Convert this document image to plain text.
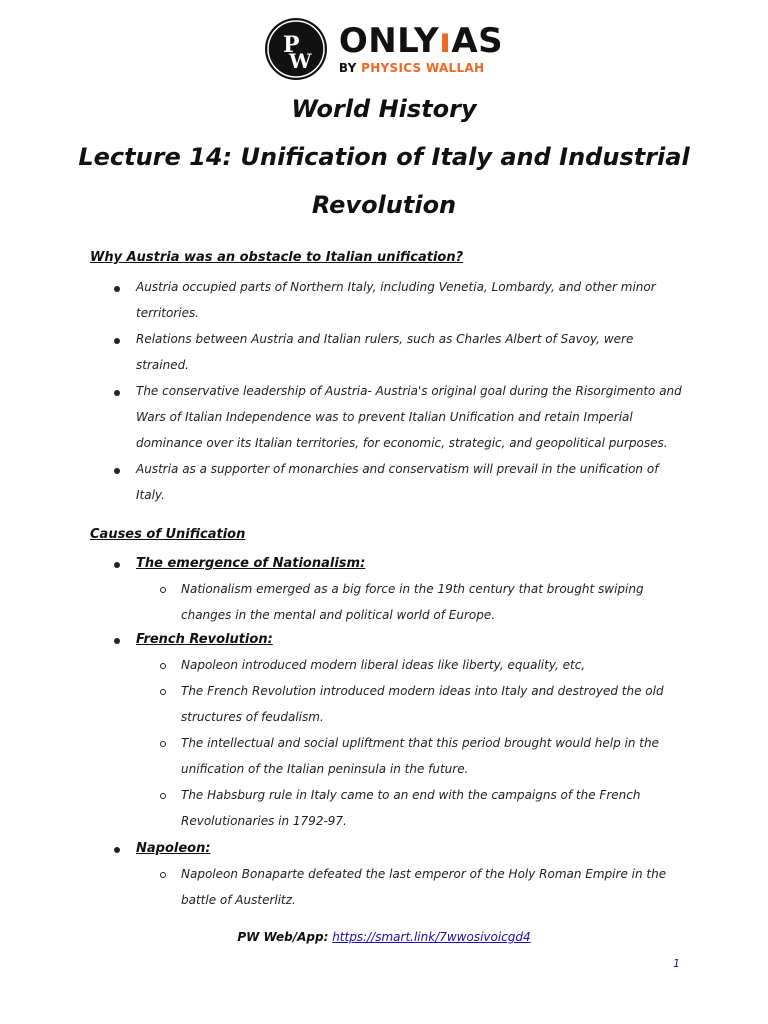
P
W ONLYıAS
BY PHYSICS WALLAH
World History
Lecture 14: Unification of Italy and Industrial
Revolution
Why Austria was an obstacle to Italian unification?
Austria occupied parts of Northern Italy, including Venetia, Lombardy, and other minor
territories.
Relations between Austria and Italian rulers, such as Charles Albert of Savoy, were
strained.
The conservative leadership of Austria- Austria's original goal during the Risorgimento and
Wars of Italian Independence was to prevent Italian Unification and retain Imperial
dominance over its Italian territories, for economic, strategic, and geopolitical purposes.
Austria as a supporter of monarchies and conservatism will prevail in the unification of
Italy.
Causes of Unification
The emergence of Nationalism:
Nationalism emerged as a big force in the 19th century that brought swiping
changes in the mental and political world of Europe.
French Revolution:
Napoleon introduced modern liberal ideas like liberty, equality, etc,
The French Revolution introduced modern ideas into Italy and destroyed the old
structures of feudalism.
The intellectual and social upliftment that this period brought would help in the
unification of the Italian peninsula in the future.
The Habsburg rule in Italy came to an end with the campaigns of the French
Revolutionaries in 1792-97.
Napoleon:
Napoleon Bonaparte defeated the last emperor of the Holy Roman Empire in the
battle of Austerlitz.
PW Web/App: https://smart.link/7wwosivoicgd4
1
